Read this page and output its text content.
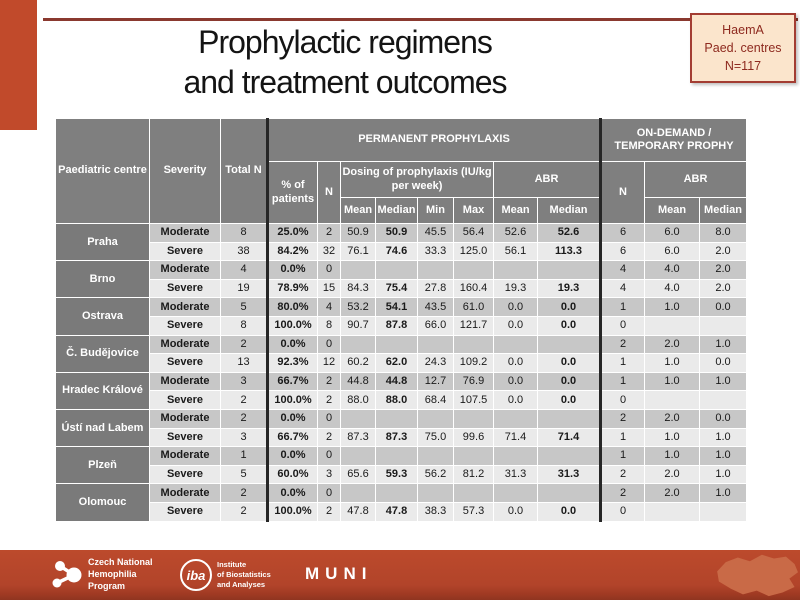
Prophylactic regimens
and treatment outcomes
HaemA
Paed. centres
N=117
Paediatric centre	Severity	Total N	PERMANENT PROPHYLAXIS								ON-DEMAND / TEMPORARY PROPHY		
			% of patients	N	Dosing of prophylaxis (IU/kg per week)				ABR		N	ABR	
					Mean	Median	Min	Max	Mean	Median		Mean	Median
Praha	Moderate	8	25.0%	2	50.9	50.9	45.5	56.4	52.6	52.6	6	6.0	8.0
	Severe	38	84.2%	32	76.1	74.6	33.3	125.0	56.1	113.3	6	6.0	2.0
Brno	Moderate	4	0.0%	0							4	4.0	2.0
	Severe	19	78.9%	15	84.3	75.4	27.8	160.4	19.3	19.3	4	4.0	2.0
Ostrava	Moderate	5	80.0%	4	53.2	54.1	43.5	61.0	0.0	0.0	1	1.0	0.0
	Severe	8	100.0%	8	90.7	87.8	66.0	121.7	0.0	0.0	0		
Č. Budějovice	Moderate	2	0.0%	0							2	2.0	1.0
	Severe	13	92.3%	12	60.2	62.0	24.3	109.2	0.0	0.0	1	1.0	0.0
Hradec Králové	Moderate	3	66.7%	2	44.8	44.8	12.7	76.9	0.0	0.0	1	1.0	1.0
	Severe	2	100.0%	2	88.0	88.0	68.4	107.5	0.0	0.0	0		
Ústí nad Labem	Moderate	2	0.0%	0							2	2.0	0.0
	Severe	3	66.7%	2	87.3	87.3	75.0	99.6	71.4	71.4	1	1.0	1.0
Plzeň	Moderate	1	0.0%	0							1	1.0	1.0
	Severe	5	60.0%	3	65.6	59.3	56.2	81.2	31.3	31.3	2	2.0	1.0
Olomouc	Moderate	2	0.0%	0							2	2.0	1.0
	Severe	2	100.0%	2	47.8	47.8	38.3	57.3	0.0	0.0	0		
Czech National
Hemophilia
Program
iba
Institute
of Biostatistics
and Analyses
MUNI
